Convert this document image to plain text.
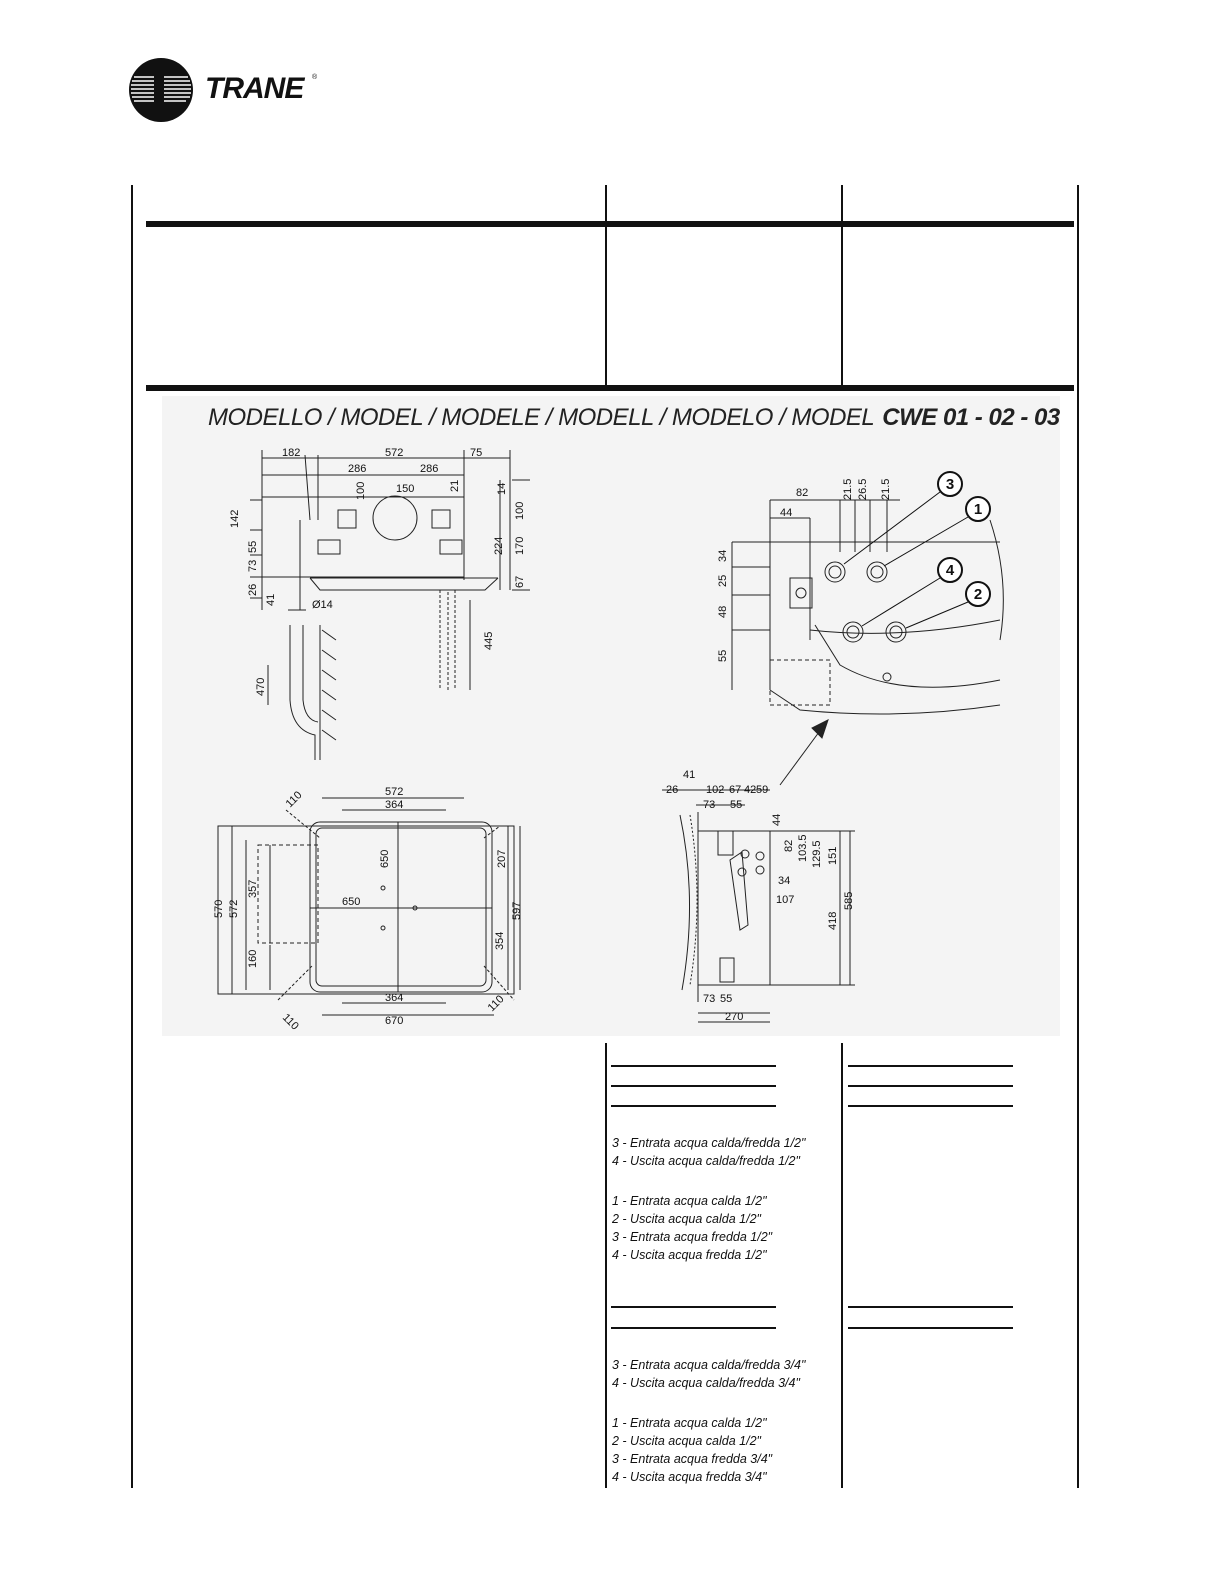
TRANE ®
MODELLO / MODEL / MODELE / MODELL / MODELO / MODEL CWE 01 - 02 - 03
3
1
4
2
182	572	75
286	286
150
100	21	14
100
142
55
73
224 170
26
41
67
Ø14
445
470
572
364
110
650
650
207
570 572
357
597
354
160
364
670
110
110
82	21.5 26.5 21.5
44
34
25
48
55
41
26	102 67 42 59
73 55
44
82 103.5 129.5 151
34
107
418
585
73 55
270
3 - Entrata acqua calda/fredda 1/2"
4 - Uscita acqua calda/fredda 1/2"
1 - Entrata acqua calda 1/2"
2 - Uscita acqua calda 1/2"
3 - Entrata acqua fredda 1/2"
4 - Uscita acqua fredda 1/2"
3 - Entrata acqua calda/fredda 3/4"
4 - Uscita acqua calda/fredda 3/4"
1 - Entrata acqua calda 1/2"
2 - Uscita acqua calda 1/2"
3 - Entrata acqua fredda 3/4"
4 - Uscita acqua fredda 3/4"
